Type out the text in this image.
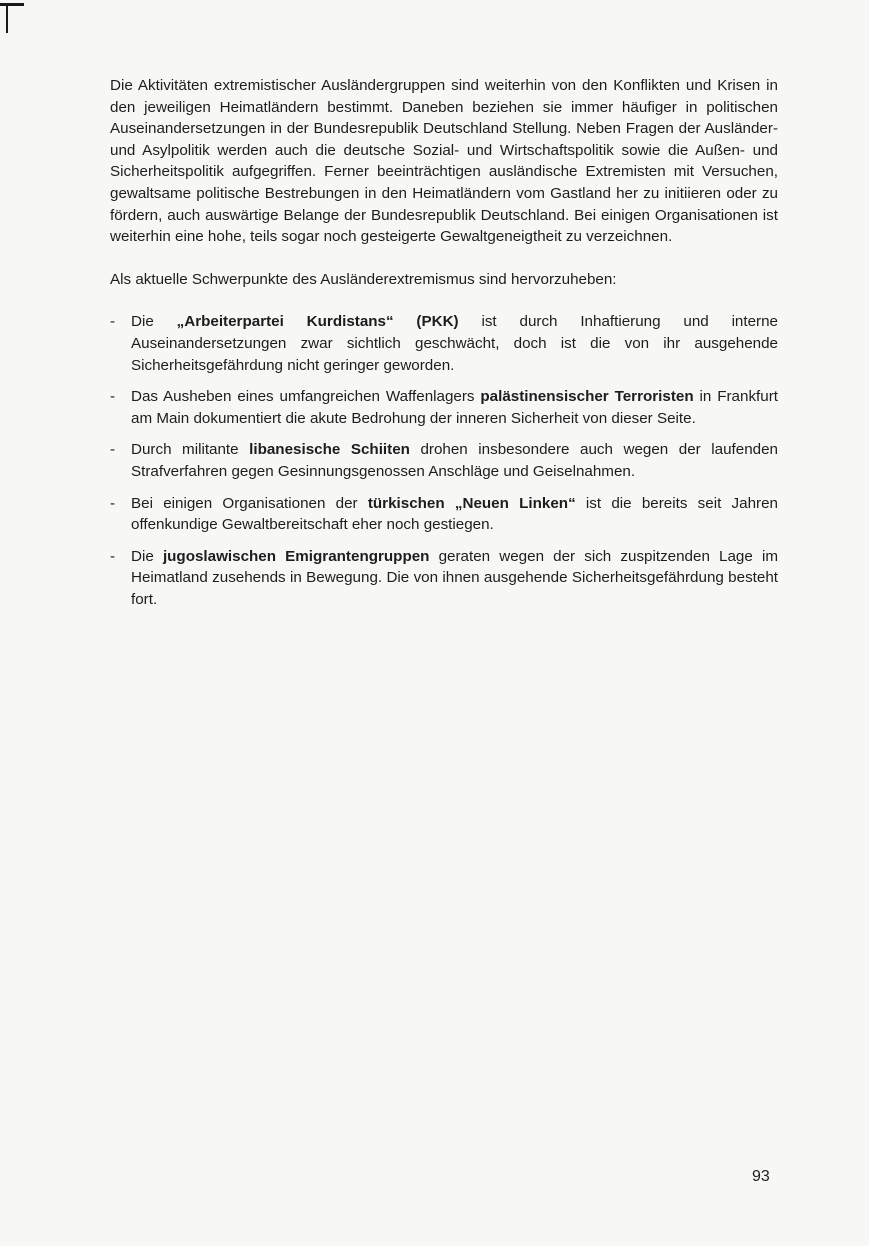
Die Aktivitäten extremistischer Ausländergruppen sind weiterhin von den Konflikten und Krisen in den jeweiligen Heimatländern bestimmt. Daneben beziehen sie immer häufiger in politischen Auseinandersetzungen in der Bundesrepublik Deutschland Stellung. Neben Fragen der Ausländer- und Asylpolitik werden auch die deutsche Sozial- und Wirtschaftspolitik sowie die Außen- und Sicherheitspolitik aufgegriffen. Ferner beeinträchtigen ausländische Extremisten mit Versuchen, gewaltsame politische Bestrebungen in den Heimatländern vom Gastland her zu initiieren oder zu fördern, auch auswärtige Belange der Bundesrepublik Deutschland. Bei einigen Organisationen ist weiterhin eine hohe, teils sogar noch gesteigerte Gewaltgeneigtheit zu verzeichnen.

Als aktuelle Schwerpunkte des Ausländerextremismus sind hervorzuheben:

- Die „Arbeiterpartei Kurdistans“ (PKK) ist durch Inhaftierung und interne Auseinandersetzungen zwar sichtlich geschwächt, doch ist die von ihr ausgehende Sicherheitsgefährdung nicht geringer geworden.
- Das Ausheben eines umfangreichen Waffenlagers palästinensischer Terroristen in Frankfurt am Main dokumentiert die akute Bedrohung der inneren Sicherheit von dieser Seite.
- Durch militante libanesische Schiiten drohen insbesondere auch wegen der laufenden Strafverfahren gegen Gesinnungsgenossen Anschläge und Geiselnahmen.
- Bei einigen Organisationen der türkischen „Neuen Linken“ ist die bereits seit Jahren offenkundige Gewaltbereitschaft eher noch gestiegen.
- Die jugoslawischen Emigrantengruppen geraten wegen der sich zuspitzenden Lage im Heimatland zusehends in Bewegung. Die von ihnen ausgehende Sicherheitsgefährdung besteht fort.
93
